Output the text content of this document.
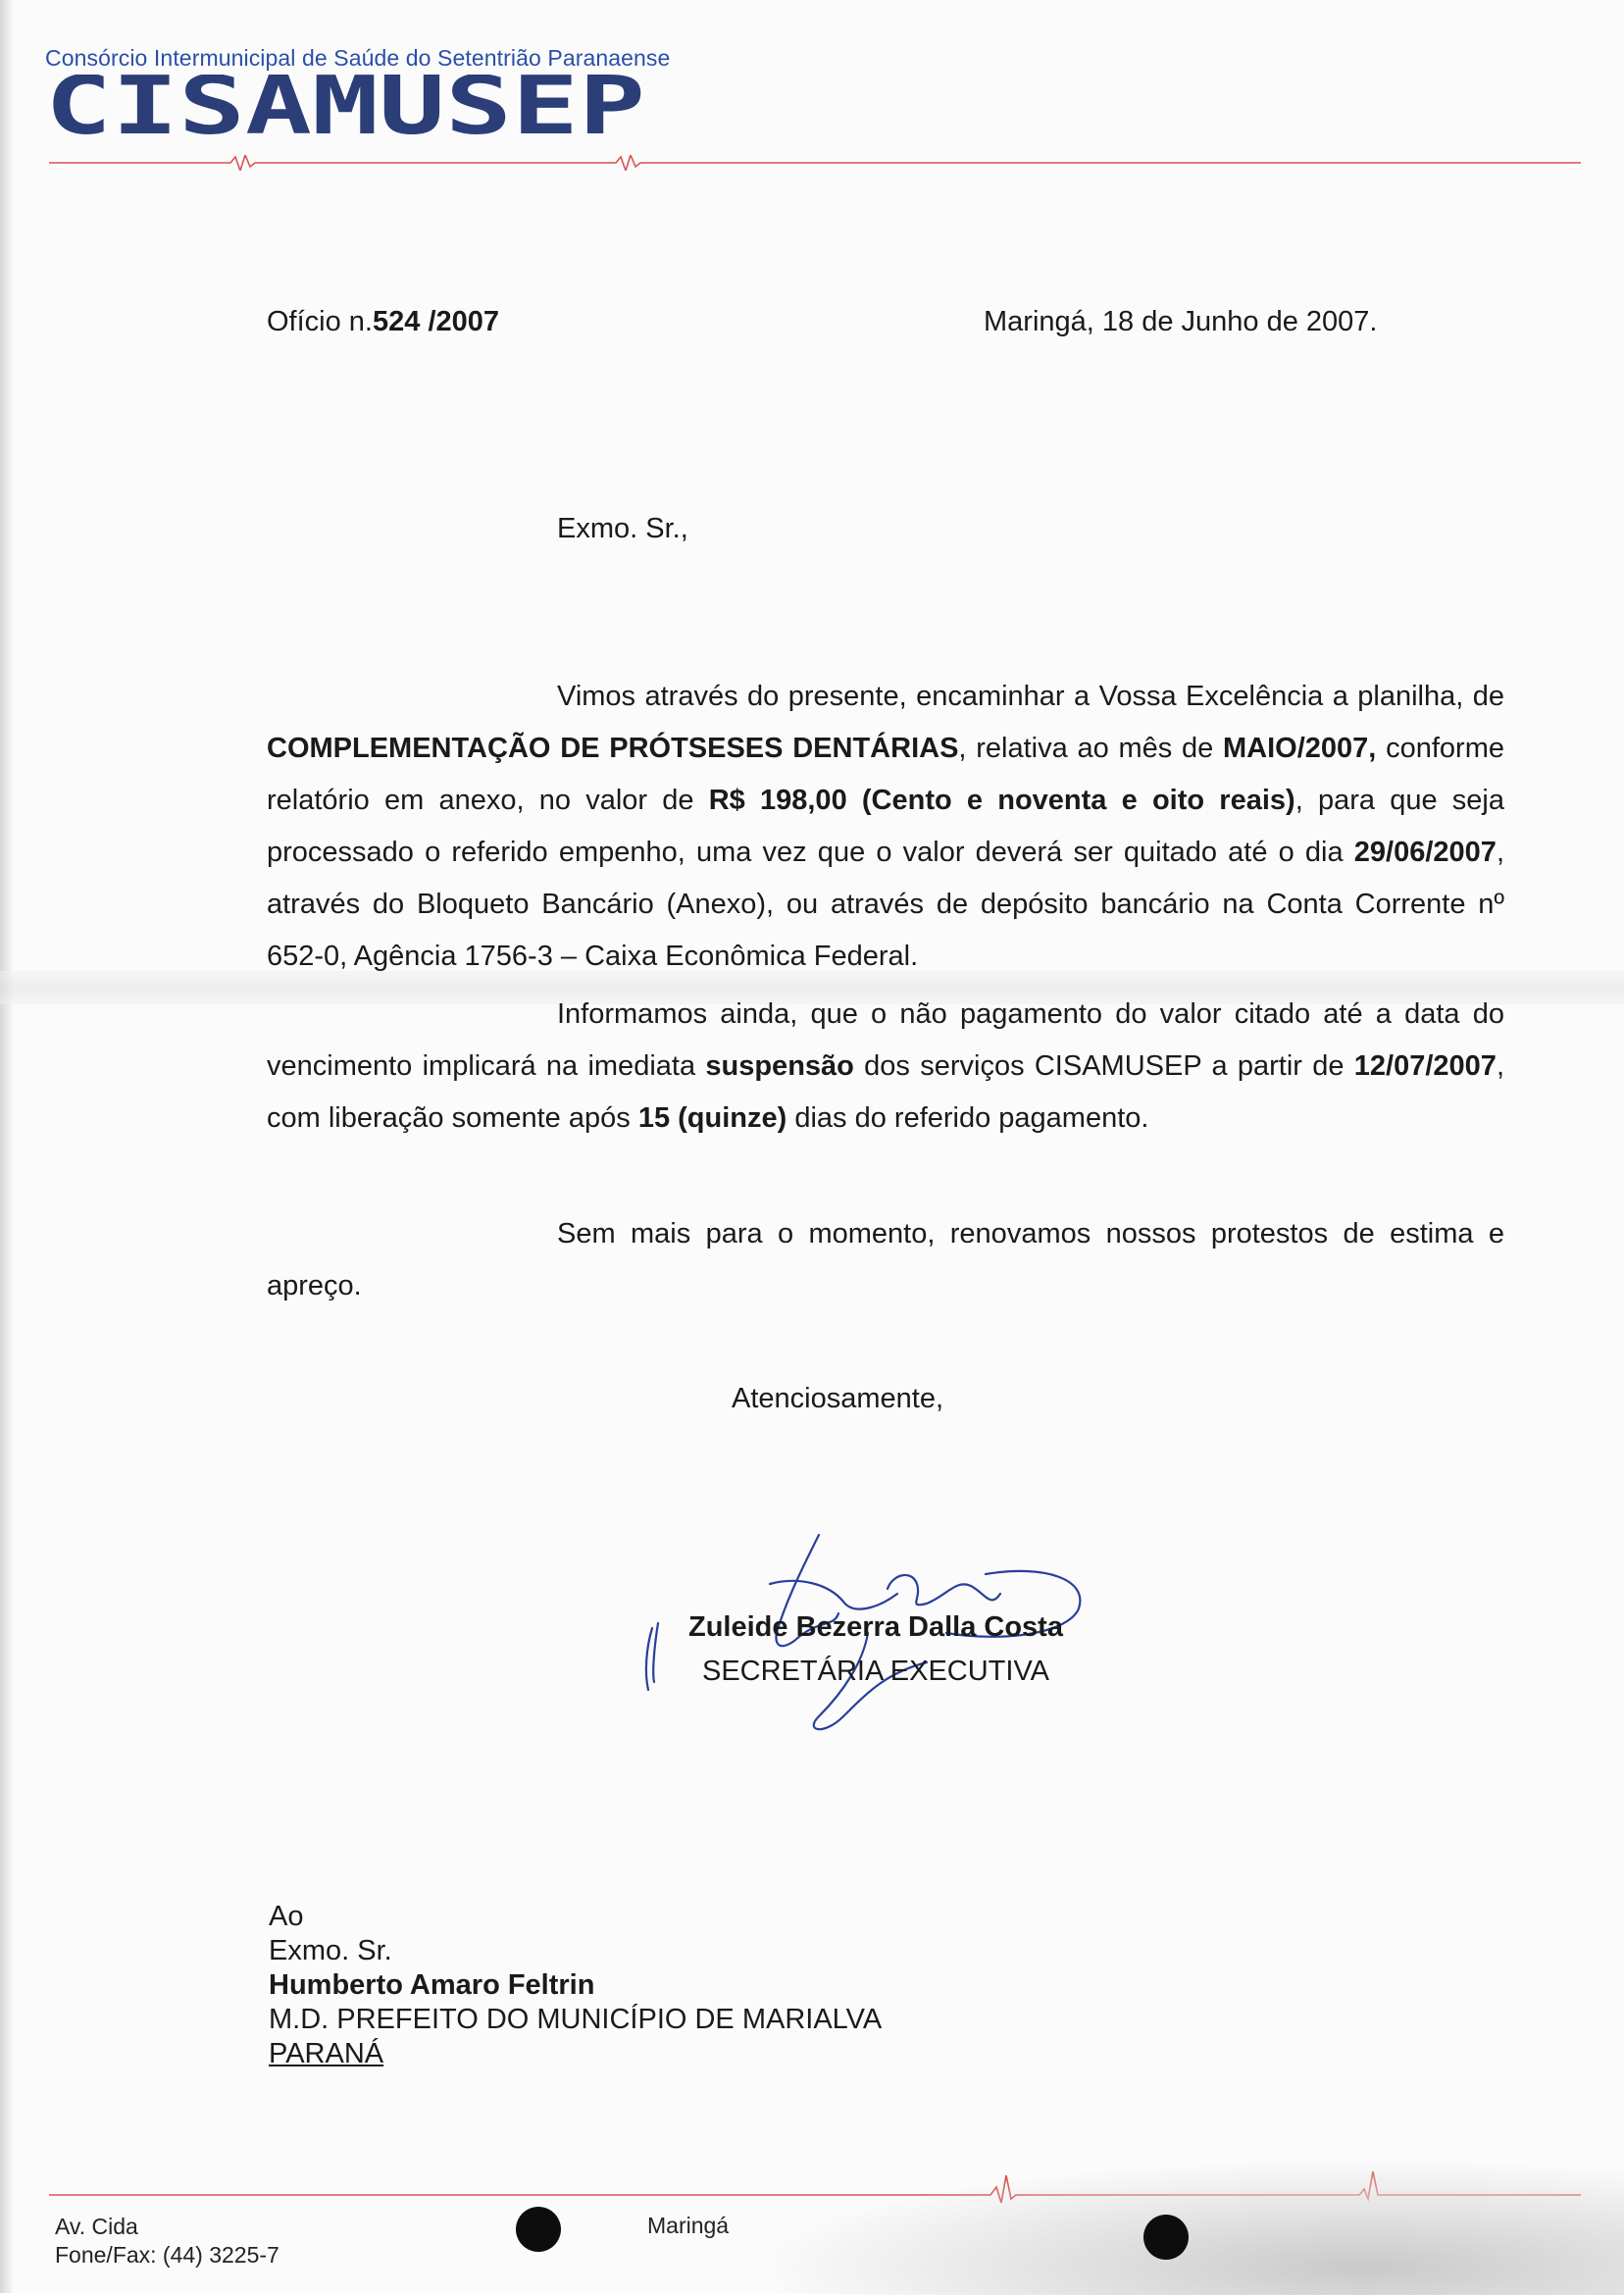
Consórcio Intermunicipal de Saúde do Setentrião Paranaense
CISAMUSEP
Ofício n.524 /2007	Maringá, 18 de Junho de 2007.
Exmo. Sr.,
Vimos através do presente, encaminhar a Vossa Excelência a planilha, de COMPLEMENTAÇÃO DE PRÓTSESES DENTÁRIAS, relativa ao mês de MAIO/2007, conforme relatório em anexo, no valor de R$ 198,00 (Cento e noventa e oito reais), para que seja processado o referido empenho, uma vez que o valor deverá ser quitado até o dia 29/06/2007, através do Bloqueto Bancário (Anexo), ou através de depósito bancário na Conta Corrente nº 652-0, Agência 1756-3 – Caixa Econômica Federal.
Informamos ainda, que o não pagamento do valor citado até a data do vencimento implicará na imediata suspensão dos serviços CISAMUSEP a partir de 12/07/2007, com liberação somente após 15 (quinze) dias do referido pagamento.
Sem mais para o momento, renovamos nossos protestos de estima e apreço.
Atenciosamente,
Zuleide Bezerra Dalla Costa
SECRETÁRIA EXECUTIVA
Ao
Exmo. Sr.
Humberto Amaro Feltrin
M.D. PREFEITO DO MUNICÍPIO DE MARIALVA
PARANÁ
Av. Cida
Fone/Fax: (44) 3225-7
Maringá
